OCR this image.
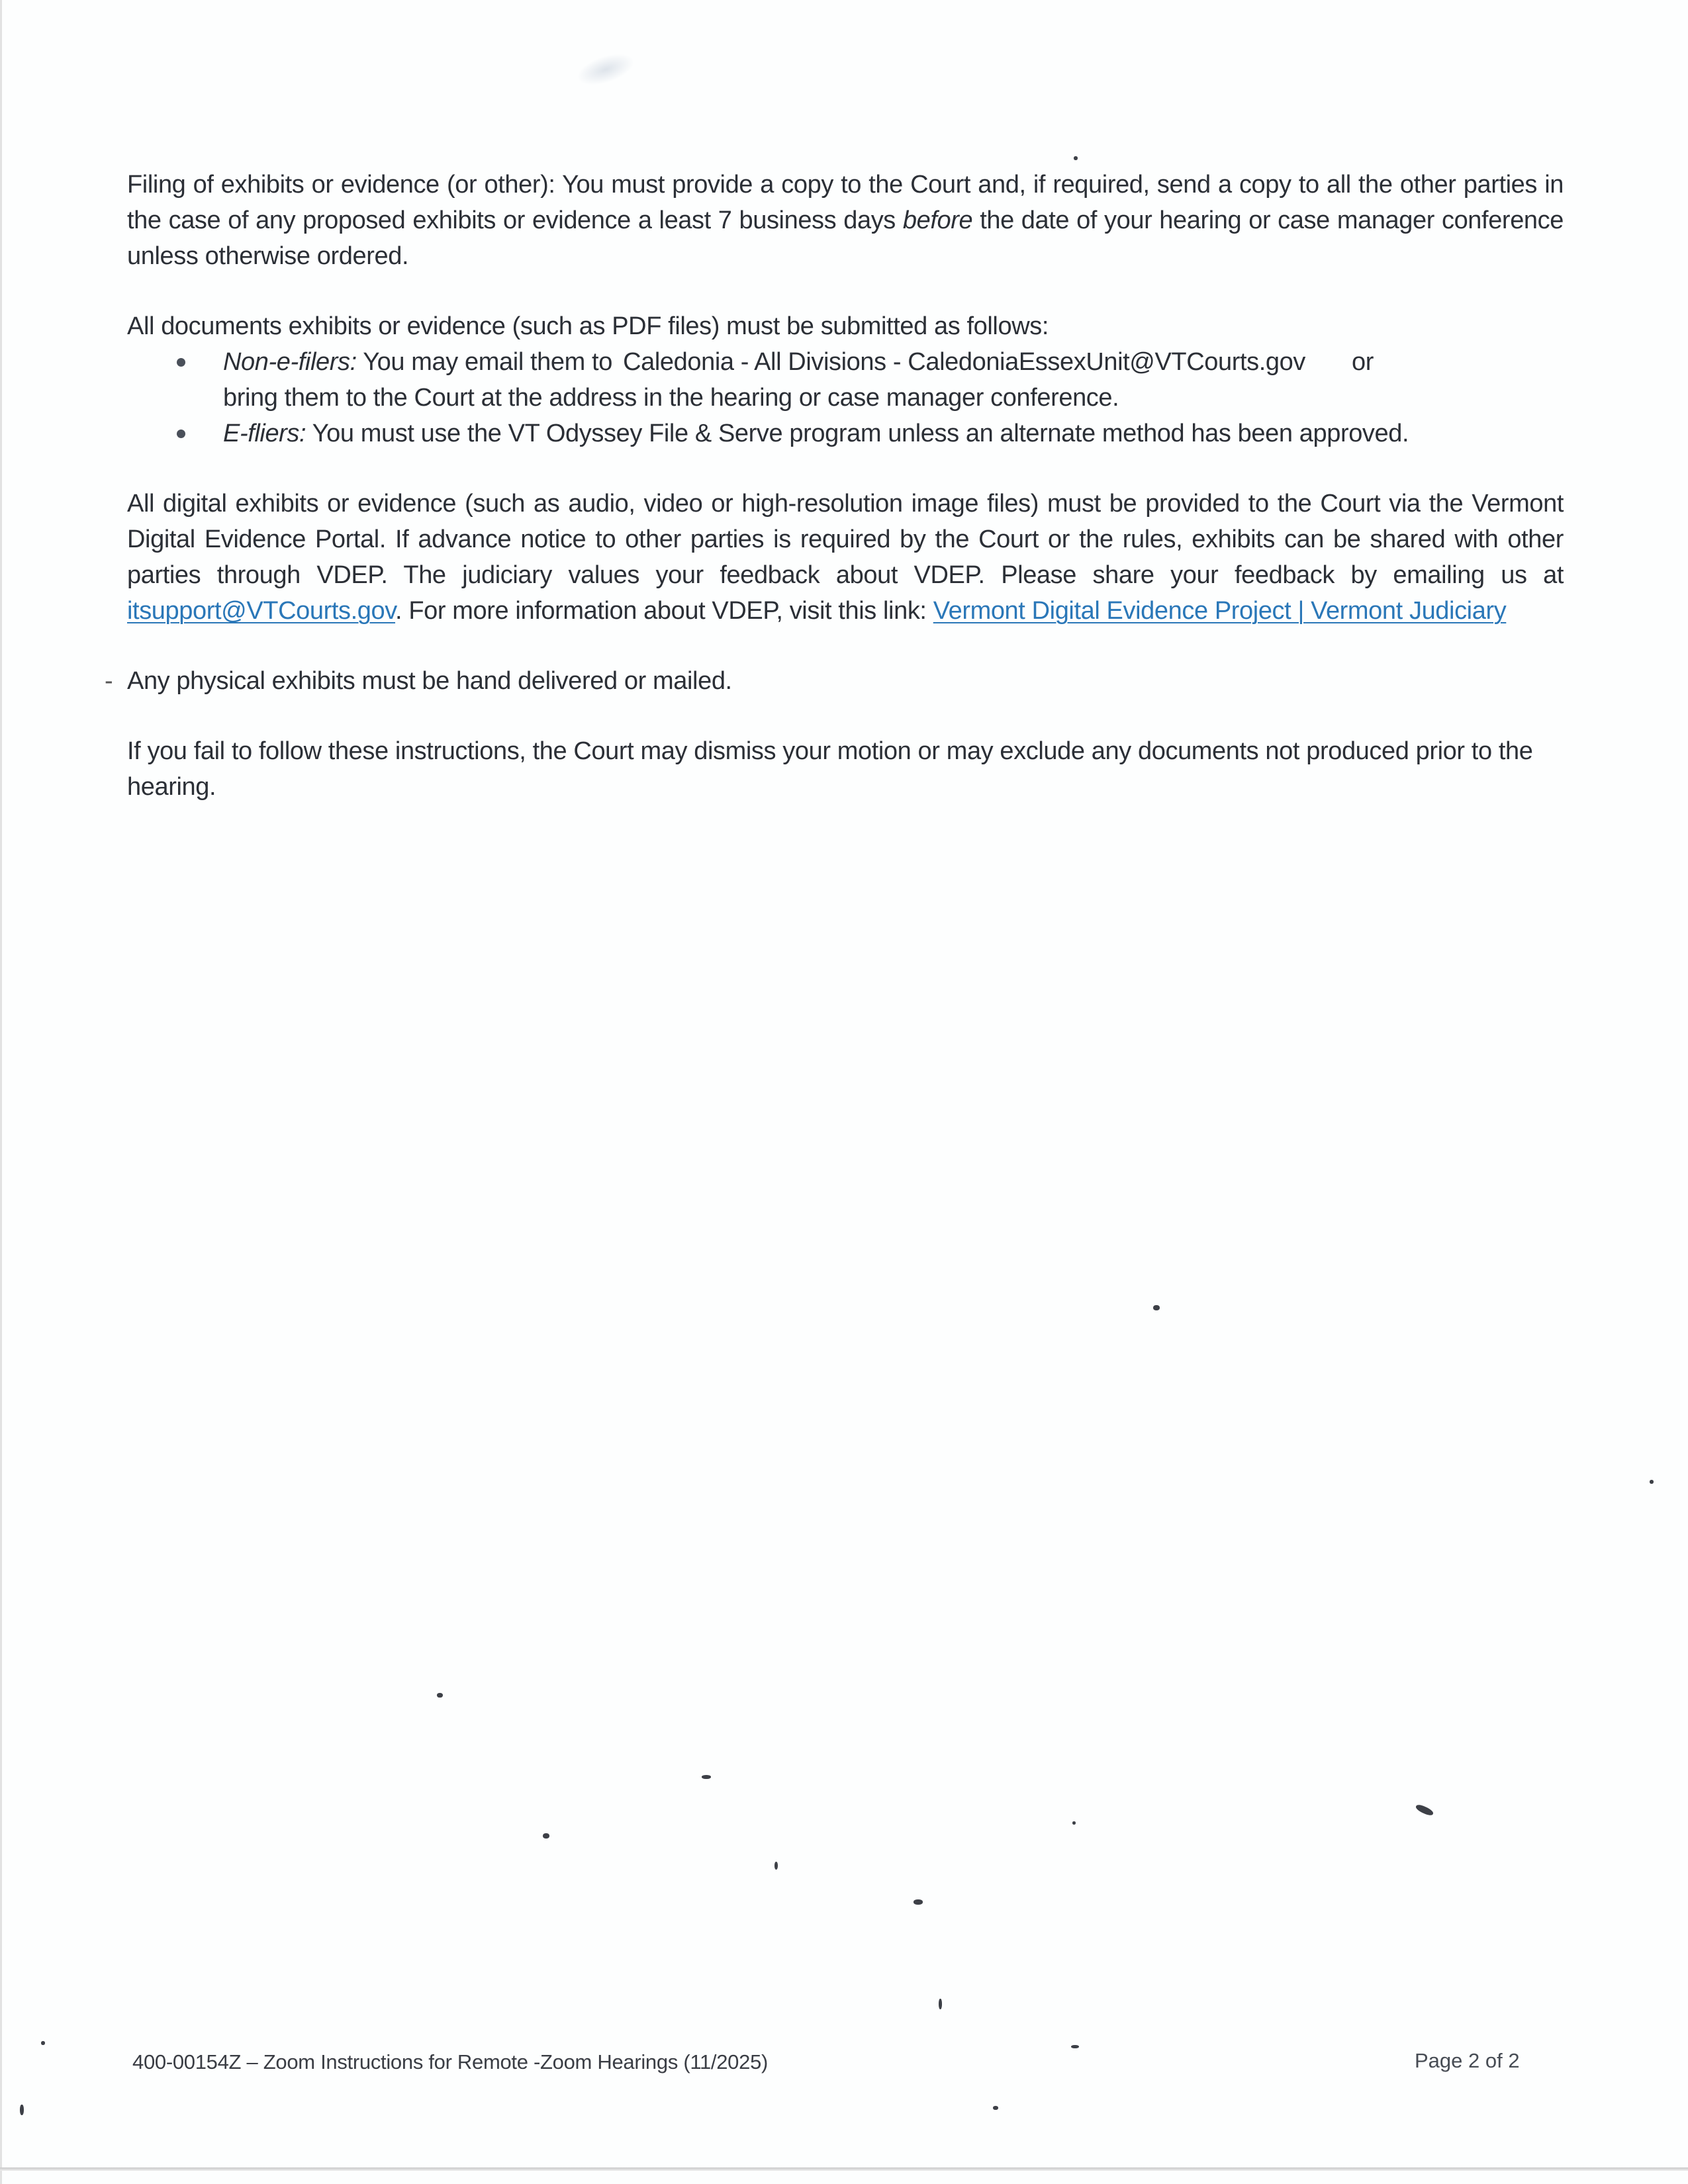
Filing of exhibits or evidence (or other): You must provide a copy to the Court and, if required, send a copy to all the other parties in the case of any proposed exhibits or evidence a least 7 business days before the date of your hearing or case manager conference unless otherwise ordered.

All documents exhibits or evidence (such as PDF files) must be submitted as follows:

Non-e-filers: You may email them to Caledonia - All Divisions - CaledoniaEssexUnit@VTCourts.gov or
bring them to the Court at the address in the hearing or case manager conference.
E-fliers: You must use the VT Odyssey File & Serve program unless an alternate method has been approved.

All digital exhibits or evidence (such as audio, video or high-resolution image files) must be provided to the Court via the Vermont Digital Evidence Portal. If advance notice to other parties is required by the Court or the rules, exhibits can be shared with other parties through VDEP. The judiciary values your feedback about VDEP. Please share your feedback by emailing us at itsupport@VTCourts.gov. For more information about VDEP, visit this link: Vermont Digital Evidence Project | Vermont Judiciary

- Any physical exhibits must be hand delivered or mailed.

If you fail to follow these instructions, the Court may dismiss your motion or may exclude any documents not produced prior to the hearing.

400-00154Z – Zoom Instructions for Remote -Zoom Hearings (11/2025)	Page 2 of 2
